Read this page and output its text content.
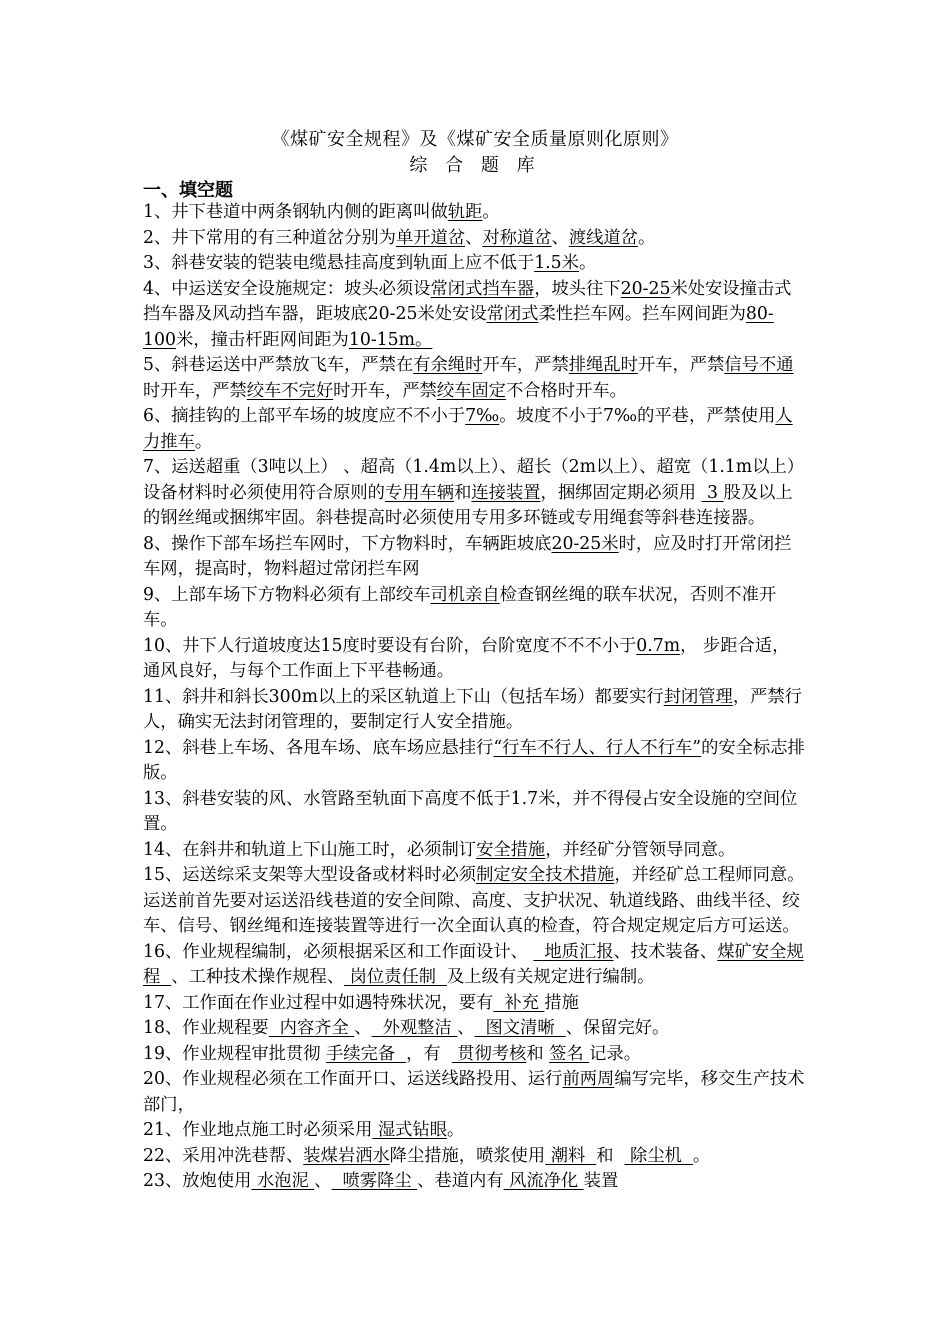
《煤矿安全规程》及《煤矿安全质量原则化原则》
综 合 题 库
一、填空题

1、井下巷道中两条钢轨内侧的距离叫做轨距。

2、井下常用的有三种道岔分别为单开道岔、对称道岔、渡线道岔。

3、斜巷安装的铠装电缆悬挂高度到轨面上应不低于1.5米。

4、中运送安全设施规定：坡头必须设常闭式挡车器，坡头往下20-25米处安设撞击式挡车器及风动挡车器，距坡底20-25米处安设常闭式柔性拦车网。拦车网间距为80-100米，撞击杆距网间距为10-15m。

5、斜巷运送中严禁放飞车，严禁在有余绳时开车，严禁排绳乱时开车，严禁信号不通时开车，严禁绞车不完好时开车，严禁绞车固定不合格时开车。

6、摘挂钩的上部平车场的坡度应不不小于7‰。坡度不小于7‰的平巷，严禁使用人力推车。

7、运送超重（3吨以上） 、超高（1.4m以上）、超长（2m以上）、超宽（1.1m以上）设备材料时必须使用符合原则的专用车辆和连接装置，捆绑固定期必须用  3 股及以上的钢丝绳或捆绑牢固。斜巷提高时必须使用专用多环链或专用绳套等斜巷连接器。

8、操作下部车场拦车网时，下方物料时，车辆距坡底20-25米时，应及时打开常闭拦车网，提高时，物料超过常闭拦车网

9、上部车场下方物料必须有上部绞车司机亲自检查钢丝绳的联车状况，否则不准开车。

10、井下人行道坡度达15度时要设有台阶，台阶宽度不不不小于0.7m， 步距合适，通风良好，与每个工作面上下平巷畅通。

11、斜井和斜长300m以上的采区轨道上下山（包括车场）都要实行封闭管理，严禁行人，确实无法封闭管理的，要制定行人安全措施。

12、斜巷上车场、各甩车场、底车场应悬挂行“行车不行人、行人不行车”的安全标志排版。

13、斜巷安装的风、水管路至轨面下高度不低于1.7米，并不得侵占安全设施的空间位置。

14、在斜井和轨道上下山施工时，必须制订安全措施，并经矿分管领导同意。

15、运送综采支架等大型设备或材料时必须制定安全技术措施，并经矿总工程师同意。运送前首先要对运送沿线巷道的安全间隙、高度、支护状况、轨道线路、曲线半径、绞车、信号、钢丝绳和连接装置等进行一次全面认真的检查，符合规定规定后方可运送。

16、作业规程编制，必须根据采区和工作面设计、   地质汇报、技术装备、煤矿安全规程  、工种技术操作规程、 岗位责任制  及上级有关规定进行编制。

17、工作面在作业过程中如遇特殊状况，要有  补充 措施

18、作业规程要  内容齐全 、  外观整洁 、  图文清晰  、保留完好。

19、作业规程审批贯彻 手续完备  ，有   贯彻考核和 签名 记录。

20、作业规程必须在工作面开口、运送线路投用、运行前两周编写完毕，移交生产技术部门，

21、作业地点施工时必须采用 湿式钻眼。

22、采用冲洗巷帮、装煤岩洒水降尘措施，喷浆使用 潮料  和   除尘机  。

23、放炮使用 水泡泥 、  喷雾降尘 、巷道内有 风流净化 装置
